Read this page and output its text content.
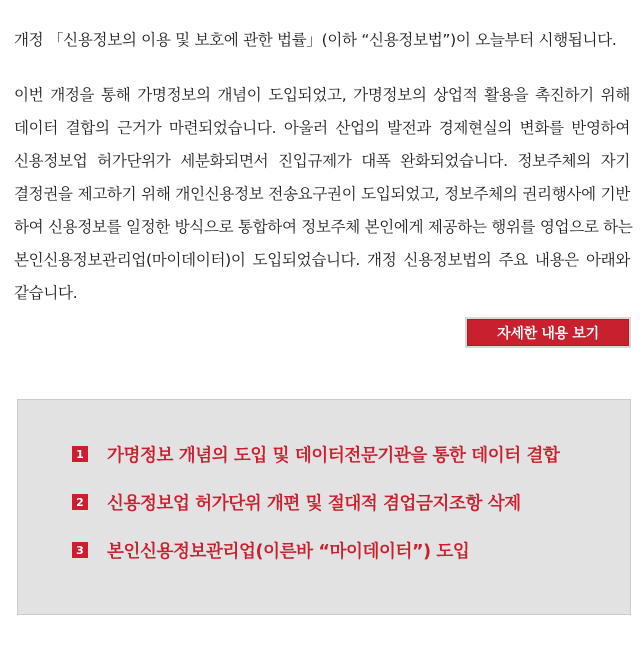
개정 「신용정보의 이용 및 보호에 관한 법률」(이하 “신용정보법”)이 오늘부터 시행됩니다.

이번 개정을 통해 가명정보의 개념이 도입되었고, 가명정보의 상업적 활용을 촉진하기 위해
데이터 결합의 근거가 마련되었습니다. 아울러 산업의 발전과 경제현실의 변화를 반영하여
신용정보업 허가단위가 세분화되면서 진입규제가 대폭 완화되었습니다. 정보주체의 자기
결정권을 제고하기 위해 개인신용정보 전송요구권이 도입되었고, 정보주체의 권리행사에 기반
하여 신용정보를 일정한 방식으로 통합하여 정보주체 본인에게 제공하는 행위를 영업으로 하는
본인신용정보관리업(마이데이터)이 도입되었습니다. 개정 신용정보법의 주요 내용은 아래와
같습니다.
자세한 내용 보기
1 가명정보 개념의 도입 및 데이터전문기관을 통한 데이터 결합
2 신용정보업 허가단위 개편 및 절대적 겸업금지조항 삭제
3 본인신용정보관리업(이른바 “마이데이터”) 도입
